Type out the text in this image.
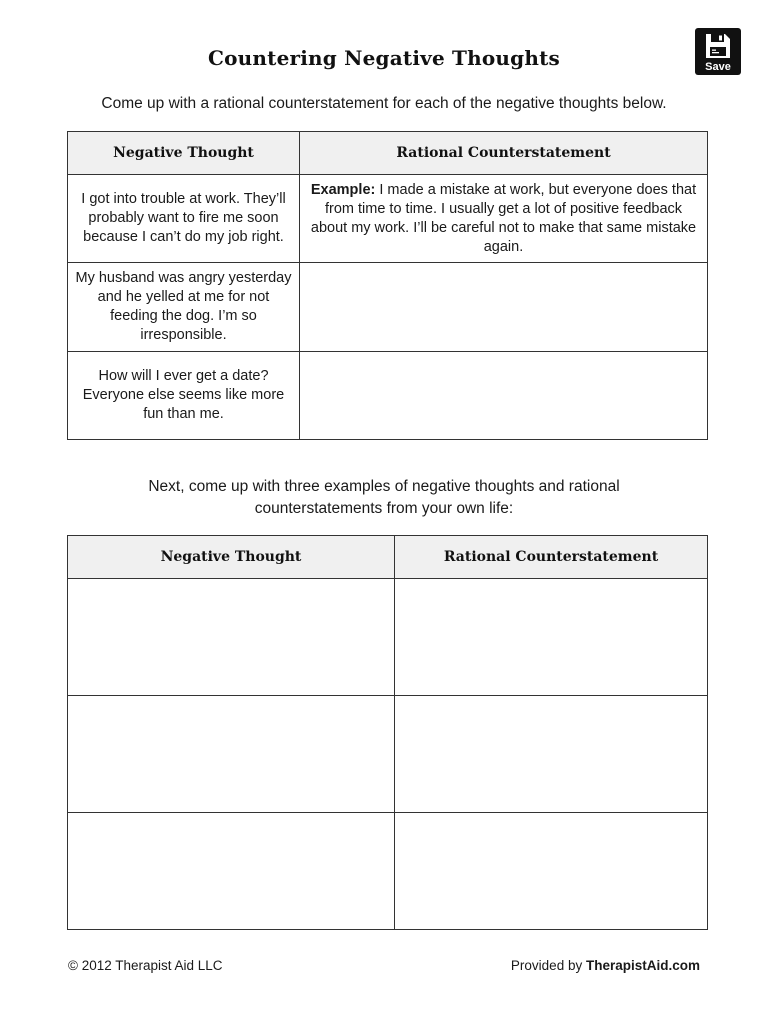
Countering Negative Thoughts	Save
Come up with a rational counterstatement for each of the negative thoughts below.
Negative Thought	Rational Counterstatement
I got into trouble at work. They’ll probably want to fire me soon because I can’t do my job right.	Example: I made a mistake at work, but everyone does that from time to time. I usually get a lot of positive feedback about my work. I’ll be careful not to make that same mistake again.
My husband was angry yesterday and he yelled at me for not feeding the dog. I’m so irresponsible.	
How will I ever get a date? Everyone else seems like more fun than me.	
Next, come up with three examples of negative thoughts and rational counterstatements from your own life:
Negative Thought	Rational Counterstatement

© 2012 Therapist Aid LLC	Provided by TherapistAid.com
